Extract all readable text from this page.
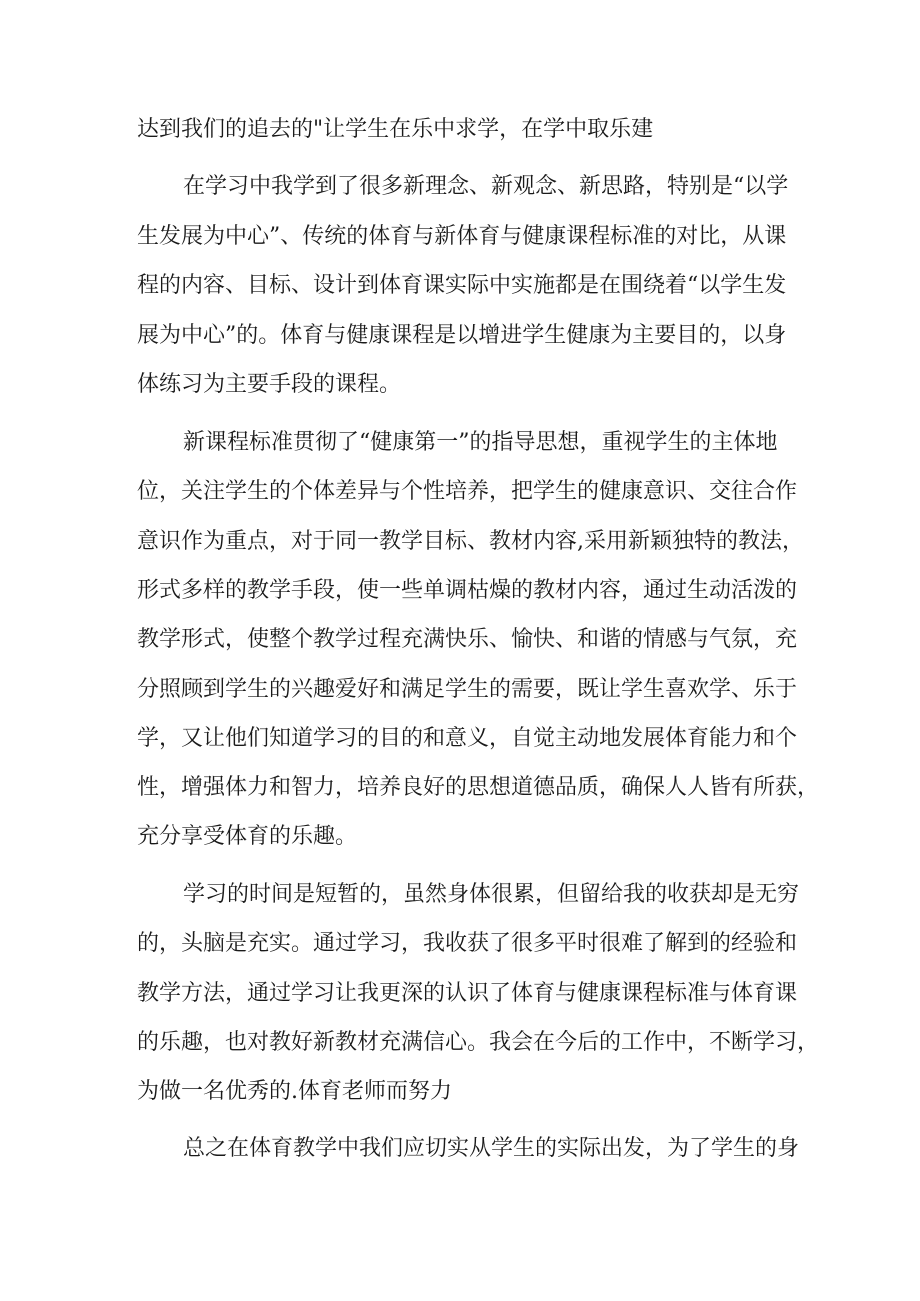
达到我们的追去的"让学生在乐中求学，在学中取乐建
在学习中我学到了很多新理念、新观念、新思路，特别是“以学
生发展为中心”、传统的体育与新体育与健康课程标准的对比，从课
程的内容、目标、设计到体育课实际中实施都是在围绕着“以学生发
展为中心”的。体育与健康课程是以增进学生健康为主要目的，以身
体练习为主要手段的课程。
新课程标准贯彻了“健康第一”的指导思想，重视学生的主体地
位，关注学生的个体差异与个性培养，把学生的健康意识、交往合作
意识作为重点，对于同一教学目标、教材内容,采用新颖独特的教法，
形式多样的教学手段，使一些单调枯燥的教材内容，通过生动活泼的
教学形式，使整个教学过程充满快乐、愉快、和谐的情感与气氛，充
分照顾到学生的兴趣爱好和满足学生的需要，既让学生喜欢学、乐于
学，又让他们知道学习的目的和意义，自觉主动地发展体育能力和个
性，增强体力和智力，培养良好的思想道德品质，确保人人皆有所获，
充分享受体育的乐趣。
学习的时间是短暂的，虽然身体很累，但留给我的收获却是无穷
的，头脑是充实。通过学习，我收获了很多平时很难了解到的经验和
教学方法，通过学习让我更深的认识了体育与健康课程标准与体育课
的乐趣，也对教好新教材充满信心。我会在今后的工作中，不断学习，
为做一名优秀的.体育老师而努力
总之在体育教学中我们应切实从学生的实际出发，为了学生的身
